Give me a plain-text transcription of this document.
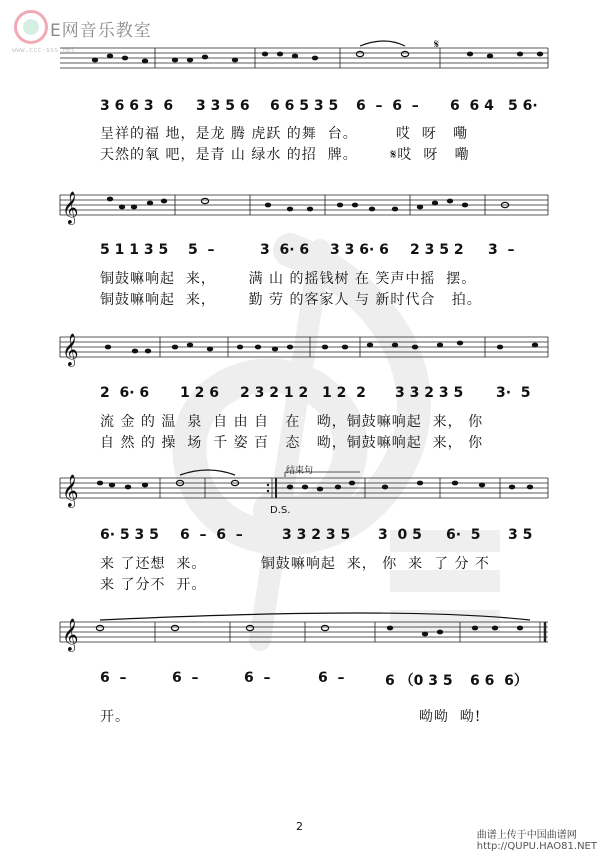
E网音乐教室
www.ccc-sss.net	𝄋
3 6 6 3  6 3 3 5 6 6 6 5 3 5 6  –  6  – 6  6 4 5 6·
呈祥的福 地，是龙 腾 虎跃 的舞  台。       哎  呀   嘞
天然的氧 吧，是青 山 绿水 的招  牌。      𝄋哎  呀   嘞
𝄞
5 1 1 3 5 5  –	3  6· 6 3 3 6· 6 2 3 5 2 3  –
铜鼓嘛响起  来，      满 山 的摇钱树 在 笑声中摇  摆。
铜鼓嘛响起  来，      勤 劳 的客家人 与 新时代合   拍。
𝄞
2  6· 6 1 2 6 2 3 2 1 2 1 2  2 3 3 2 3 5 3·  5
流 金 的 温  泉  自 由 自   在   呦，铜鼓嘛响起  来， 你
自 然 的 操  场  千 姿 百   态   呦，铜鼓嘛响起  来， 你
结束句
𝄞
D.S.
6· 5 3 5 6  –  6  –	3 3 2 3 5 3  0 5 6·  5 3 5
来 了还想  来。          铜鼓嘛响起  来， 你  来  了 分 不
来 了分不  开。
𝄞
6  –	6  –	6  –	6  –	6 （0 3 5 6 6  6）
开。                                                     呦呦  呦!
2
曲谱上传于中国曲谱网
http://QUPU.HAO81.NET
